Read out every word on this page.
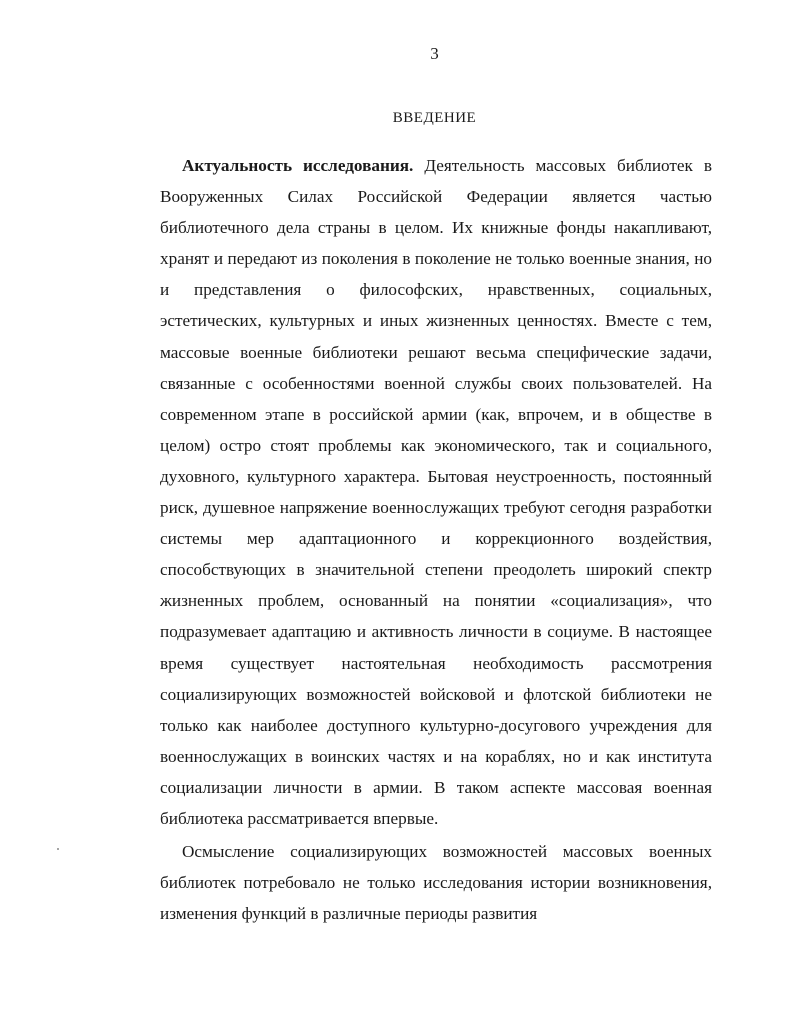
3
ВВЕДЕНИЕ

Актуальность исследования. Деятельность массовых библиотек в Вооруженных Силах Российской Федерации является частью библиотечного дела страны в целом. Их книжные фонды накапливают, хранят и передают из поколения в поколение не только военные знания, но и представления о философских, нравственных, социальных, эстетических, культурных и иных жизненных ценностях. Вместе с тем, массовые военные библиотеки решают весьма специфические задачи, связанные с особенностями военной службы своих пользователей. На современном этапе в российской армии (как, впрочем, и в обществе в целом) остро стоят проблемы как экономического, так и социального, духовного, культурного характера. Бытовая неустроенность, постоянный риск, душевное напряжение военнослужащих требуют сегодня разработки системы мер адаптационного и коррекционного воздействия, способствующих в значительной степени преодолеть широкий спектр жизненных проблем, основанный на понятии «социализация», что подразумевает адаптацию и активность личности в социуме. В настоящее время существует настоятельная необходимость рассмотрения социализирующих возможностей войсковой и флотской библиотеки не только как наиболее доступного культурно-досугового учреждения для военнослужащих в воинских частях и на кораблях, но и как института социализации личности в армии. В таком аспекте массовая военная библиотека рассматривается впервые.

Осмысление социализирующих возможностей массовых военных библиотек потребовало не только исследования истории возникновения, изменения функций в различные периоды развития
